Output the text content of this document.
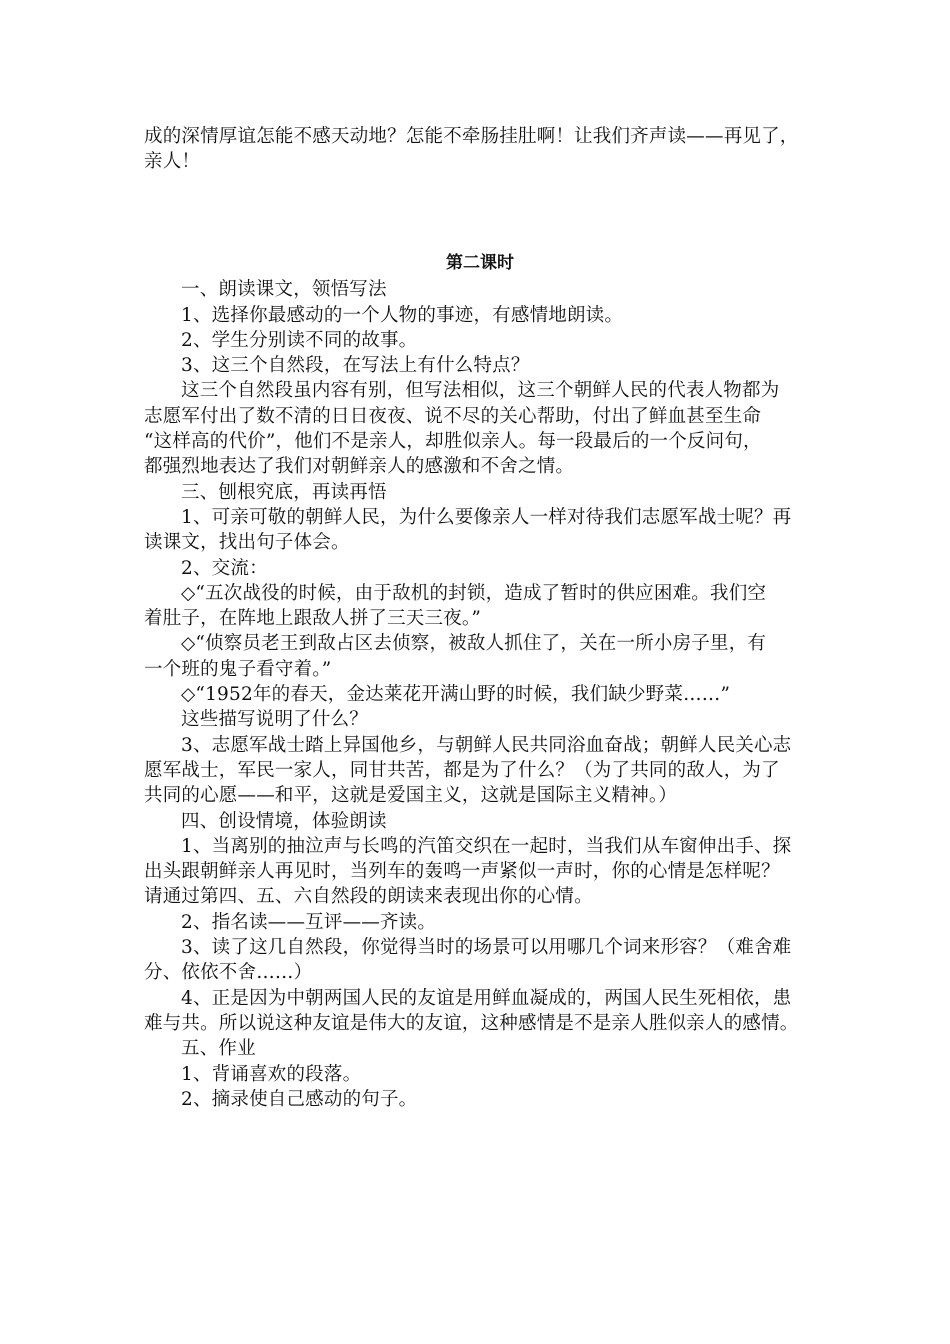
成的深情厚谊怎能不感天动地？怎能不牵肠挂肚啊！让我们齐声读——再见了，
亲人！
第二课时
一、朗读课文，领悟写法
1、选择你最感动的一个人物的事迹，有感情地朗读。
2、学生分别读不同的故事。
3、这三个自然段，在写法上有什么特点？
这三个自然段虽内容有别，但写法相似，这三个朝鲜人民的代表人物都为
志愿军付出了数不清的日日夜夜、说不尽的关心帮助，付出了鲜血甚至生命
“这样高的代价”，他们不是亲人，却胜似亲人。每一段最后的一个反问句，
都强烈地表达了我们对朝鲜亲人的感激和不舍之情。
三、刨根究底，再读再悟
1、可亲可敬的朝鲜人民，为什么要像亲人一样对待我们志愿军战士呢？再
读课文，找出句子体会。
2、交流：
◇“五次战役的时候，由于敌机的封锁，造成了暂时的供应困难。我们空
着肚子，在阵地上跟敌人拼了三天三夜。”
◇“侦察员老王到敌占区去侦察，被敌人抓住了，关在一所小房子里，有
一个班的鬼子看守着。”
◇“1952年的春天，金达莱花开满山野的时候，我们缺少野菜……”
这些描写说明了什么？
3、志愿军战士踏上异国他乡，与朝鲜人民共同浴血奋战；朝鲜人民关心志
愿军战士，军民一家人，同甘共苦，都是为了什么？（为了共同的敌人，为了
共同的心愿——和平，这就是爱国主义，这就是国际主义精神。）
四、创设情境，体验朗读
1、当离别的抽泣声与长鸣的汽笛交织在一起时，当我们从车窗伸出手、探
出头跟朝鲜亲人再见时，当列车的轰鸣一声紧似一声时，你的心情是怎样呢？
请通过第四、五、六自然段的朗读来表现出你的心情。
2、指名读——互评——齐读。
3、读了这几自然段，你觉得当时的场景可以用哪几个词来形容？（难舍难
分、依依不舍……）
4、正是因为中朝两国人民的友谊是用鲜血凝成的，两国人民生死相依，患
难与共。所以说这种友谊是伟大的友谊，这种感情是不是亲人胜似亲人的感情。
五、作业
1、背诵喜欢的段落。
2、摘录使自己感动的句子。
